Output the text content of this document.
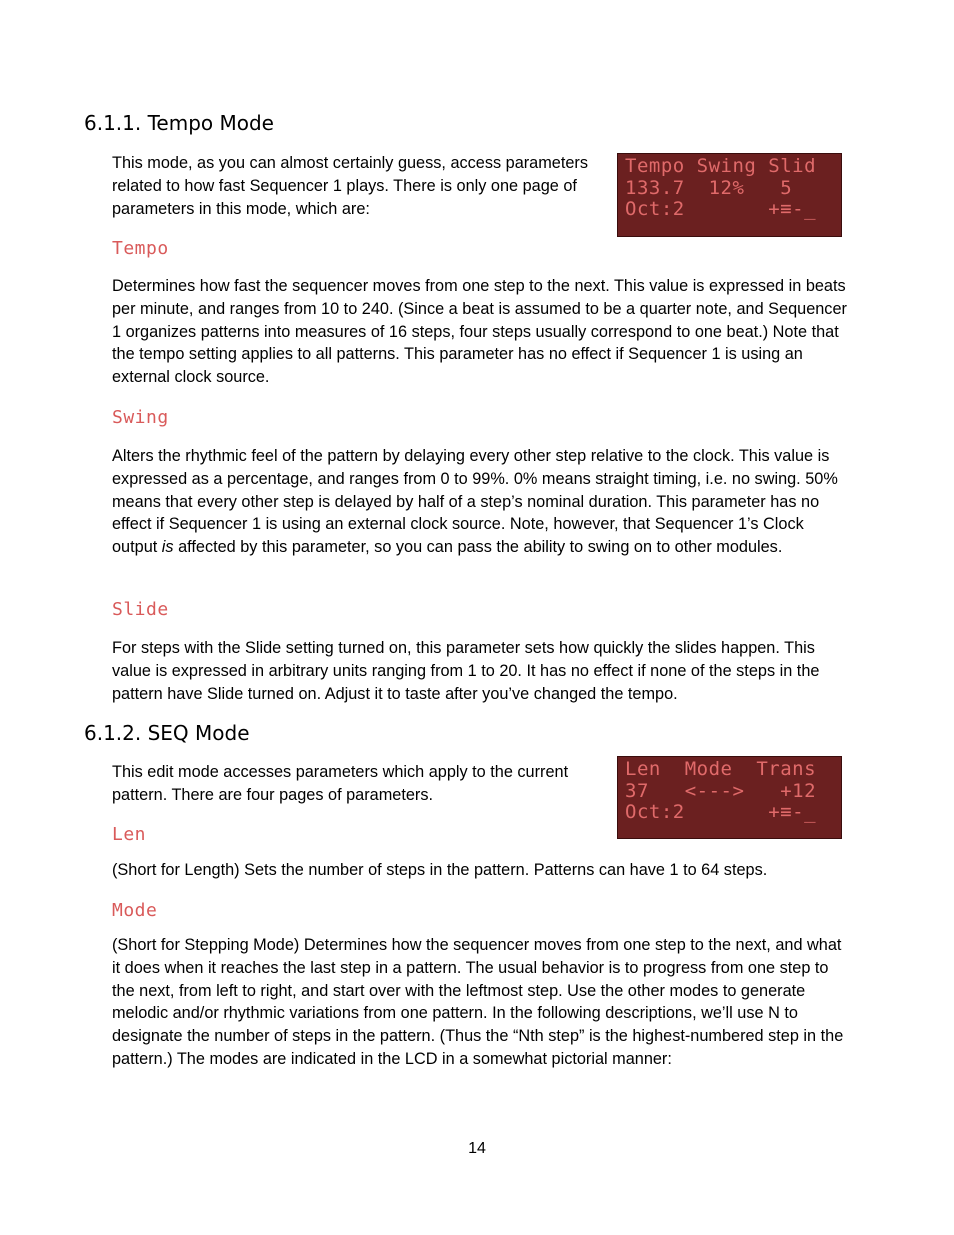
6.1.1. Tempo Mode

This mode, as you can almost certainly guess, access parameters related to how fast Sequencer 1 plays. There is only one page of parameters in this mode, which are:

Tempo Swing Slid
133.7  12%   5
Oct:2       +≡-_
Tempo

Determines how fast the sequencer moves from one step to the next. This value is expressed in beats per minute, and ranges from 10 to 240. (Since a beat is assumed to be a quarter note, and Sequencer 1 organizes patterns into measures of 16 steps, four steps usually correspond to one beat.) Note that the tempo setting applies to all patterns. This parameter has no effect if Sequencer 1 is using an external clock source.

Swing

Alters the rhythmic feel of the pattern by delaying every other step relative to the clock. This value is expressed as a percentage, and ranges from 0 to 99%. 0% means straight timing, i.e. no swing. 50% means that every other step is delayed by half of a step’s nominal duration. This parameter has no effect if Sequencer 1 is using an external clock source. Note, however, that Sequencer 1’s Clock output is affected by this parameter, so you can pass the ability to swing on to other modules.

Slide

For steps with the Slide setting turned on, this parameter sets how quickly the slides happen. This value is expressed in arbitrary units ranging from 1 to 20. It has no effect if none of the steps in the pattern have Slide turned on. Adjust it to taste after you’ve changed the tempo.

6.1.2. SEQ Mode

This edit mode accesses parameters which apply to the current pattern. There are four pages of parameters.

Len  Mode  Trans
37   <--->   +12
Oct:2       +≡-_
Len

(Short for Length) Sets the number of steps in the pattern. Patterns can have 1 to 64 steps.

Mode

(Short for Stepping Mode) Determines how the sequencer moves from one step to the next, and what it does when it reaches the last step in a pattern. The usual behavior is to progress from one step to the next, from left to right, and start over with the leftmost step. Use the other modes to generate melodic and/or rhythmic variations from one pattern. In the following descriptions, we’ll use N to designate the number of steps in the pattern. (Thus the “Nth step” is the highest-numbered step in the pattern.) The modes are indicated in the LCD in a somewhat pictorial manner:

14
